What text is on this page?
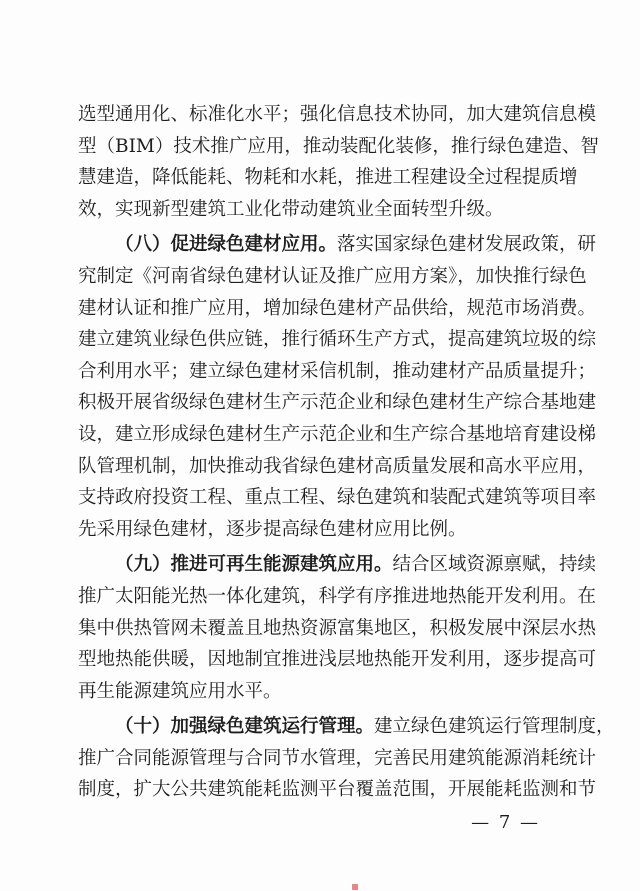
选型通用化、标准化水平；强化信息技术协同，加大建筑信息模
型（BIM）技术推广应用，推动装配化装修，推行绿色建造、智
慧建造，降低能耗、物耗和水耗，推进工程建设全过程提质增
效，实现新型建筑工业化带动建筑业全面转型升级。
（八）促进绿色建材应用。落实国家绿色建材发展政策，研
究制定《河南省绿色建材认证及推广应用方案》，加快推行绿色
建材认证和推广应用，增加绿色建材产品供给，规范市场消费。
建立建筑业绿色供应链，推行循环生产方式，提高建筑垃圾的综
合利用水平；建立绿色建材采信机制，推动建材产品质量提升；
积极开展省级绿色建材生产示范企业和绿色建材生产综合基地建
设，建立形成绿色建材生产示范企业和生产综合基地培育建设梯
队管理机制，加快推动我省绿色建材高质量发展和高水平应用，
支持政府投资工程、重点工程、绿色建筑和装配式建筑等项目率
先采用绿色建材，逐步提高绿色建材应用比例。
（九）推进可再生能源建筑应用。结合区域资源禀赋，持续
推广太阳能光热一体化建筑，科学有序推进地热能开发利用。在
集中供热管网未覆盖且地热资源富集地区，积极发展中深层水热
型地热能供暖，因地制宜推进浅层地热能开发利用，逐步提高可
再生能源建筑应用水平。
（十）加强绿色建筑运行管理。建立绿色建筑运行管理制度，
推广合同能源管理与合同节水管理，完善民用建筑能源消耗统计
制度，扩大公共建筑能耗监测平台覆盖范围，开展能耗监测和节
— 7 —
